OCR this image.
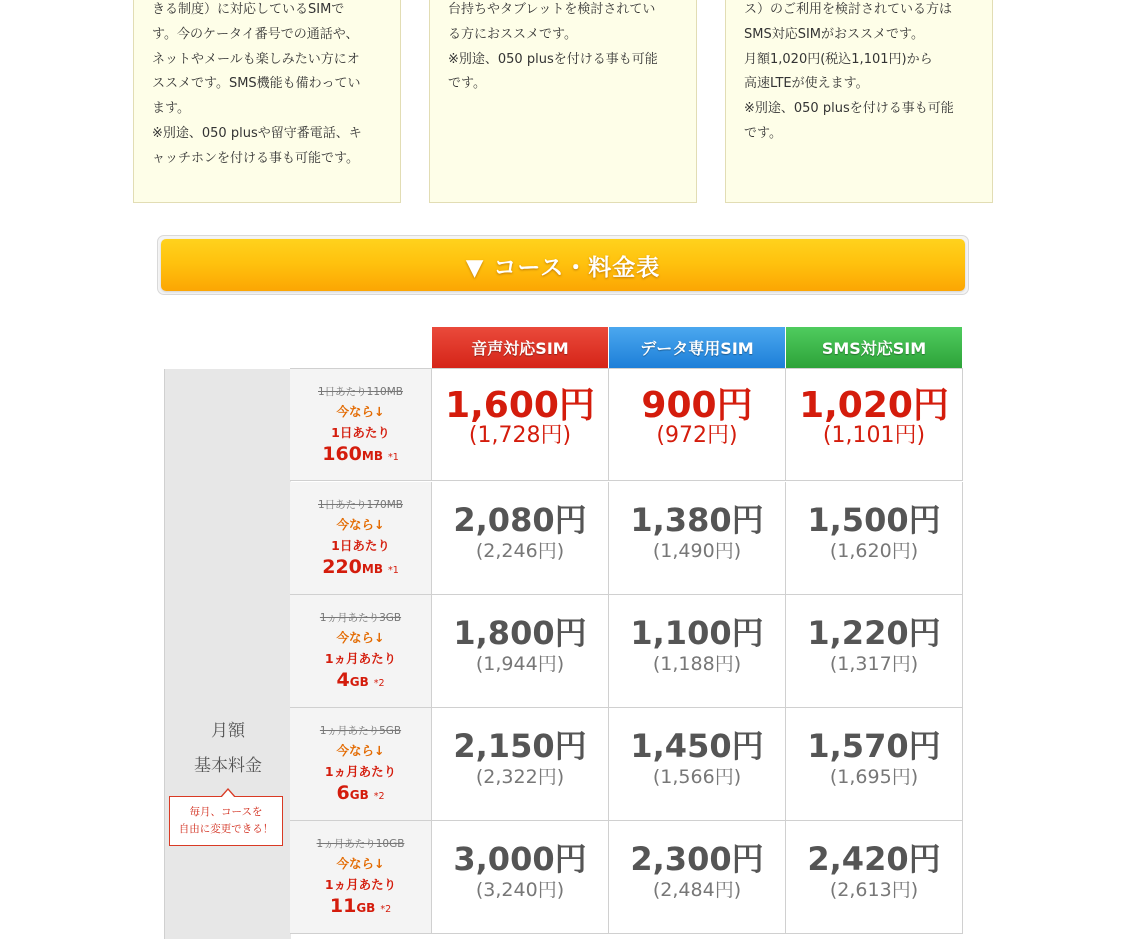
きる制度）に対応しているSIMで
す。今のケータイ番号での通話や、
ネットやメールも楽しみたい方にオ
ススメです。SMS機能も備わってい
ます。
※別途、050 plusや留守番電話、キ
ャッチホンを付ける事も可能です。

台持ちやタブレットを検討されてい
る方におススメです。
※別途、050 plusを付ける事も可能
です。

ス）のご利用を検討されている方は
SMS対応SIMがおススメです。
月額1,020円(税込1,101円)から
高速LTEが使えます。
※別途、050 plusを付ける事も可能
です。

▼ コース・料金表
音声対応SIM	データ専用SIM	SMS対応SIM
月額
基本料金
毎月、コースを
自由に変更できる！
1日あたり110MB
今なら↓
1日あたり
160MB *1
1,600円
(1,728円)
900円
(972円)
1,020円
(1,101円)
1日あたり170MB
今なら↓
1日あたり
220MB *1
2,080円
(2,246円)
1,380円
(1,490円)
1,500円
(1,620円)
1ヵ月あたり3GB
今なら↓
1ヵ月あたり
4GB *2
1,800円
(1,944円)
1,100円
(1,188円)
1,220円
(1,317円)
1ヵ月あたり5GB
今なら↓
1ヵ月あたり
6GB *2
2,150円
(2,322円)
1,450円
(1,566円)
1,570円
(1,695円)
1ヵ月あたり10GB
今なら↓
1ヵ月あたり
11GB *2
3,000円
(3,240円)
2,300円
(2,484円)
2,420円
(2,613円)
